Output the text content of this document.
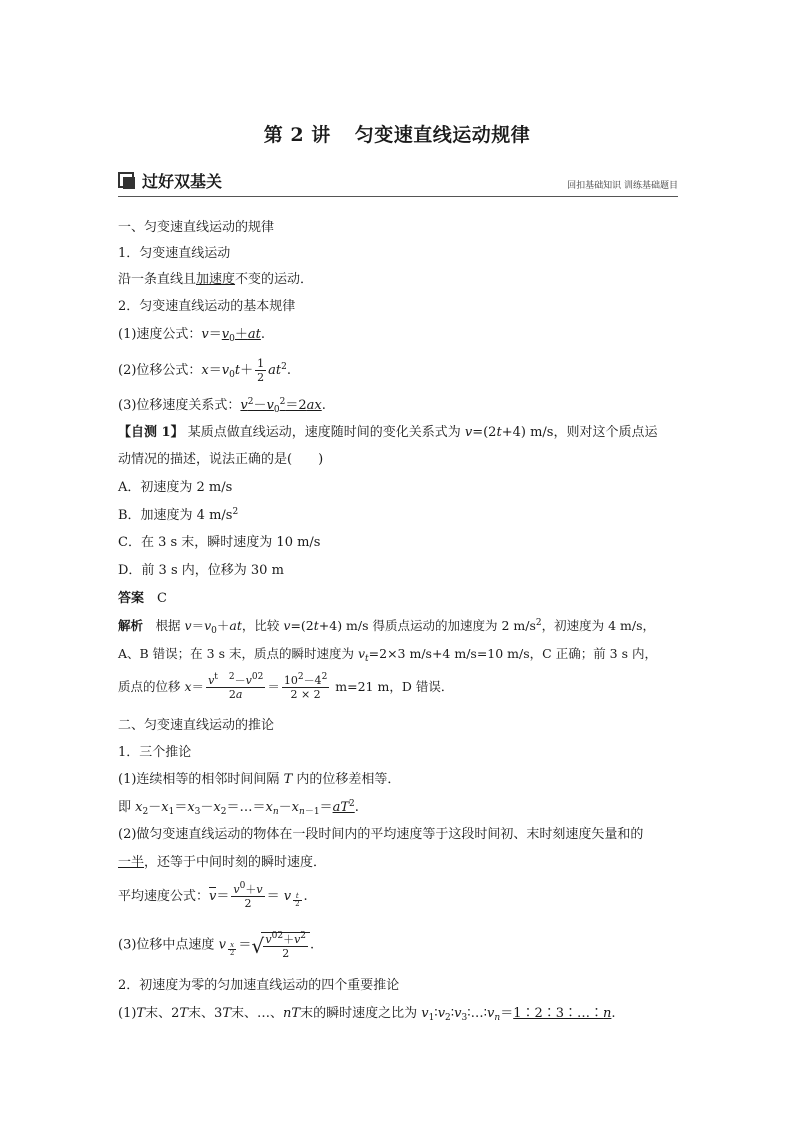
第 2 讲 匀变速直线运动规律
过好双基关	回扣基础知识 训练基础题目
一、匀变速直线运动的规律
1．匀变速直线运动
沿一条直线且加速度不变的运动．
2．匀变速直线运动的基本规律
(1)速度公式：$v=v_0+at$.
(2)位移公式：$x=v_0t+ \frac{1}{2} at^2$.
(3)位移速度关系式：$v^2-v_0^2=2ax$.
【自测 1】 某质点做直线运动，速度随时间的变化关系式为 v=(2t+4) m/s，则对这个质点运
动情况的描述，说法正确的是(　　)
A．初速度为 2 m/s
B．加速度为 4 $m/s^2$
C．在 3 s 末，瞬时速度为 10 m/s
D．前 3 s 内，位移为 30 m
答案　 C
解析　 根据 $v=v_0+at$，比较 v=(2t+4) m/s 得质点运动的加速度为 2 $m/s^2$，初速度为 4 m/s，
A、B 错误；在 3 s 末，质点的瞬时速度为 $v_t=2\times 3$ m/s+4 m/s=10 m/s，C 正确；前 3 s 内，
质点的位移 $x= \frac{v^t ^2-v^{02}}{2a} = \frac{10^2-4^2}{2 \times 2} m=21$ m，D 错误．
二、匀变速直线运动的推论
1．三个推论
(1)连续相等的相邻时间间隔 T 内的位移差相等．
即 $x_2-x_1=x_3-x_2=\dots=x_n-x_{n-1}=aT^2$.
(2)做匀变速直线运动的物体在一段时间内的平均速度等于这段时间初、末时刻速度矢量和的
一半，还等于中间时刻的瞬时速度．
平均速度公式：
$v= \frac{v^0+v}{2} = v$ $_{\frac{t}{2}}$ .
(3)位移中点速度 v $_{\frac{x}{2}}$ ＝ √ $\frac{v^{02}+v^2}{2}$ .
2．初速度为零的匀加速直线运动的四个重要推论
(1)T末、2T末、3T末、…、nT末的瞬时速度之比为 $v_1∶v_2∶v_3∶\dots∶v_n=1∶2∶3∶\dots∶n$.
